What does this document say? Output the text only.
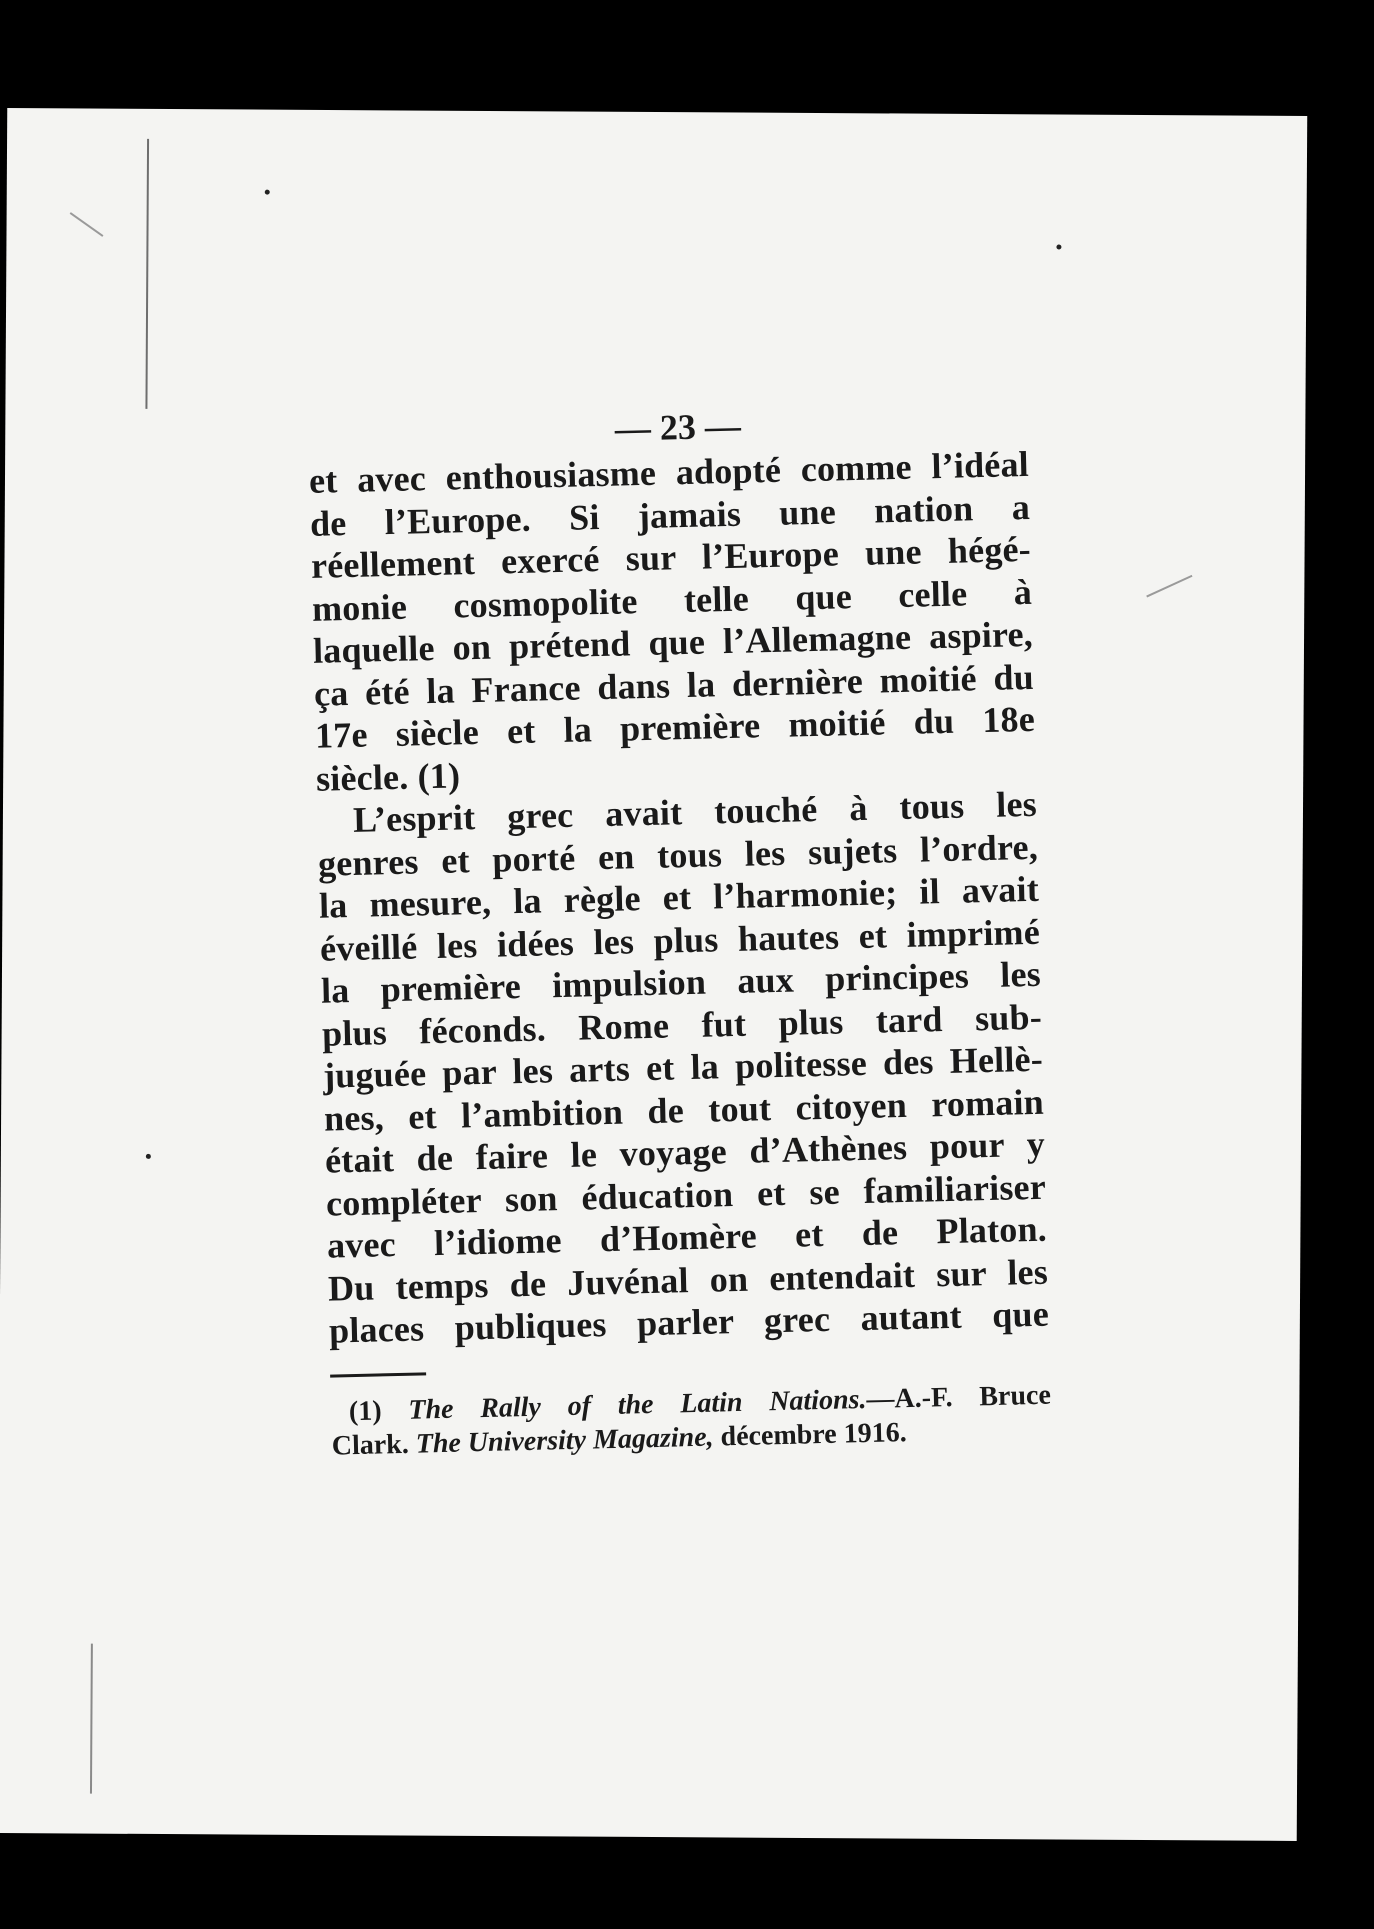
— 23 —
et avec enthousiasme adopté comme l’idéal
de l’Europe. Si jamais une nation a
réellement exercé sur l’Europe une hégé-
monie cosmopolite telle que celle à
laquelle on prétend que l’Allemagne aspire,
ça été la France dans la dernière moitié du
17e siècle et la première moitié du 18e
siècle. (1)
L’esprit grec avait touché à tous les
genres et porté en tous les sujets l’ordre,
la mesure, la règle et l’harmonie; il avait
éveillé les idées les plus hautes et imprimé
la première impulsion aux principes les
plus féconds. Rome fut plus tard sub-
juguée par les arts et la politesse des Hellè-
nes, et l’ambition de tout citoyen romain
était de faire le voyage d’Athènes pour y
compléter son éducation et se familiariser
avec l’idiome d’Homère et de Platon.
Du temps de Juvénal on entendait sur les
places publiques parler grec autant que
(1) The Rally of the Latin Nations.—A.-F. Bruce
Clark. The University Magazine, décembre 1916.
